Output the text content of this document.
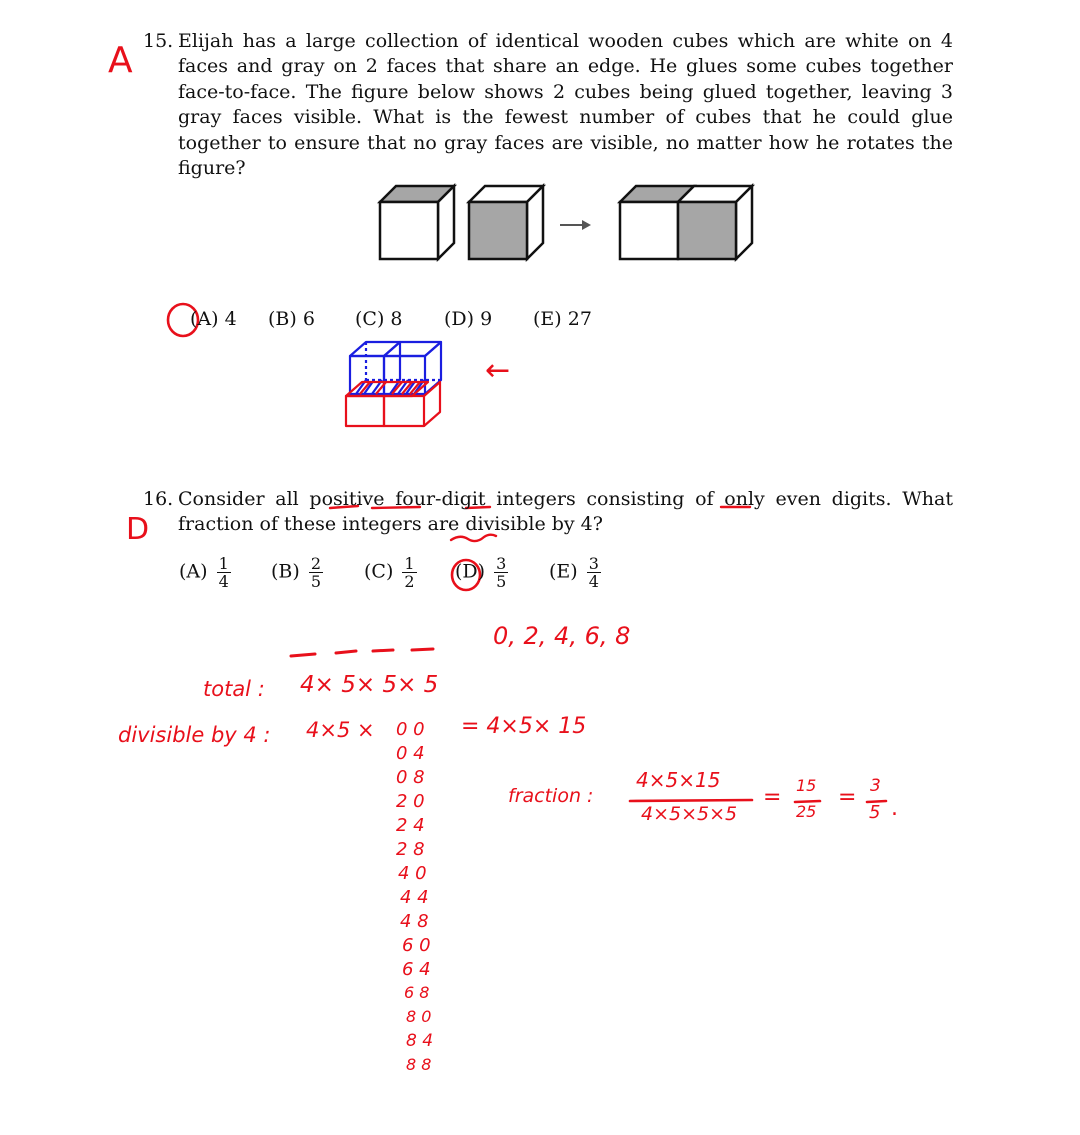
15. Elijah has a large collection of identical wooden cubes which are white on 4 faces and gray on 2 faces that share an edge. He glues some cubes together face-to-face. The figure below shows 2 cubes being glued together, leaving 3 gray faces visible. What is the fewest number of cubes that he could glue together to ensure that no gray faces are visible, no matter how he rotates the figure?
(A) 4 (B) 6 (C) 8 (D) 9 (E) 27
16. Consider all positive four-digit integers consisting of only even digits. What fraction of these integers are divisible by 4?
$(A) \frac{1}{4} (B) \frac{2}{5} (C) \frac{1}{2} (D) \frac{3}{5} (E) \frac{3}{4}$
A
D
←
0, 2, 4, 6, 8
total : 4× 5× 5× 5
divisible by 4 : 4×5 ×	= 4×5× 15
0 0
0 4
0 8
2 0
2 4
2 8
4 0
4 4
4 8
6 0
6 4
6 8
8 0
8 4
8 8
fraction :
4×5×15
4×5×5×5
= 15
25
= 3
5 .
